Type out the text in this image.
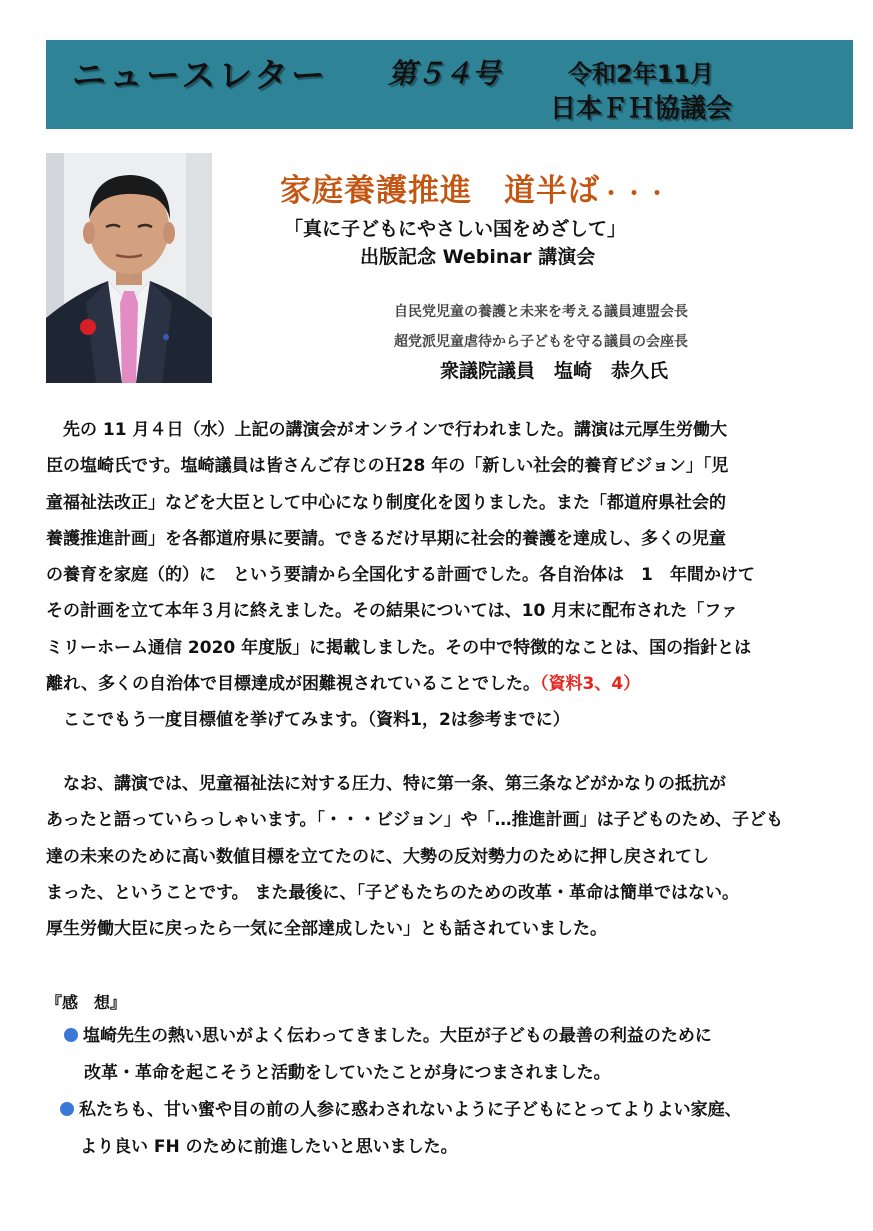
ニュースレター 第５４号	令和2年11月
日本ＦＨ協議会
家庭養護推進　道半ば・・・
「真に子どもにやさしい国をめざして」
出版記念 Webinar 講演会
自民党児童の養護と未来を考える議員連盟会長
超党派児童虐待から子どもを守る議員の会座長
衆議院議員　塩崎　恭久氏

　先の 11 月４日（水）上記の講演会がオンラインで行われました。講演は元厚生労働大

臣の塩崎氏です。塩崎議員は皆さんご存じのＨ28 年の「新しい社会的養育ビジョン」「児

童福祉法改正」などを大臣として中心になり制度化を図りました。また「都道府県社会的

養護推進計画」を各都道府県に要請。できるだけ早期に社会的養護を達成し、多くの児童

の養育を家庭（的）に　という要請から全国化する計画でした。各自治体は　1　年間かけて

その計画を立て本年３月に終えました。その結果については、10 月末に配布された「ファ

ミリーホーム通信 2020 年度版」に掲載しました。その中で特徴的なことは、国の指針とは

離れ、多くの自治体で目標達成が困難視されていることでした。（資料3、4）

　ここでもう一度目標値を挙げてみます。（資料1，2は参考までに）

　なお、講演では、児童福祉法に対する圧力、特に第一条、第三条などがかなりの抵抗が

あったと語っていらっしゃいます。「・・・ビジョン」や「…推進計画」は子どものため、子ども

達の未来のために高い数値目標を立てたのに、大勢の反対勢力のために押し戻されてし

まった、ということです。 また最後に、「子どもたちのための改革・革命は簡単ではない。

厚生労働大臣に戻ったら一気に全部達成したい」とも話されていました。

『感　想』
塩崎先生の熱い思いがよく伝わってきました。大臣が子どもの最善の利益のために
改革・革命を起こそうと活動をしていたことが身につまされました。
私たちも、甘い蜜や目の前の人参に惑わされないように子どもにとってよりよい家庭、
より良い FH のために前進したいと思いました。
